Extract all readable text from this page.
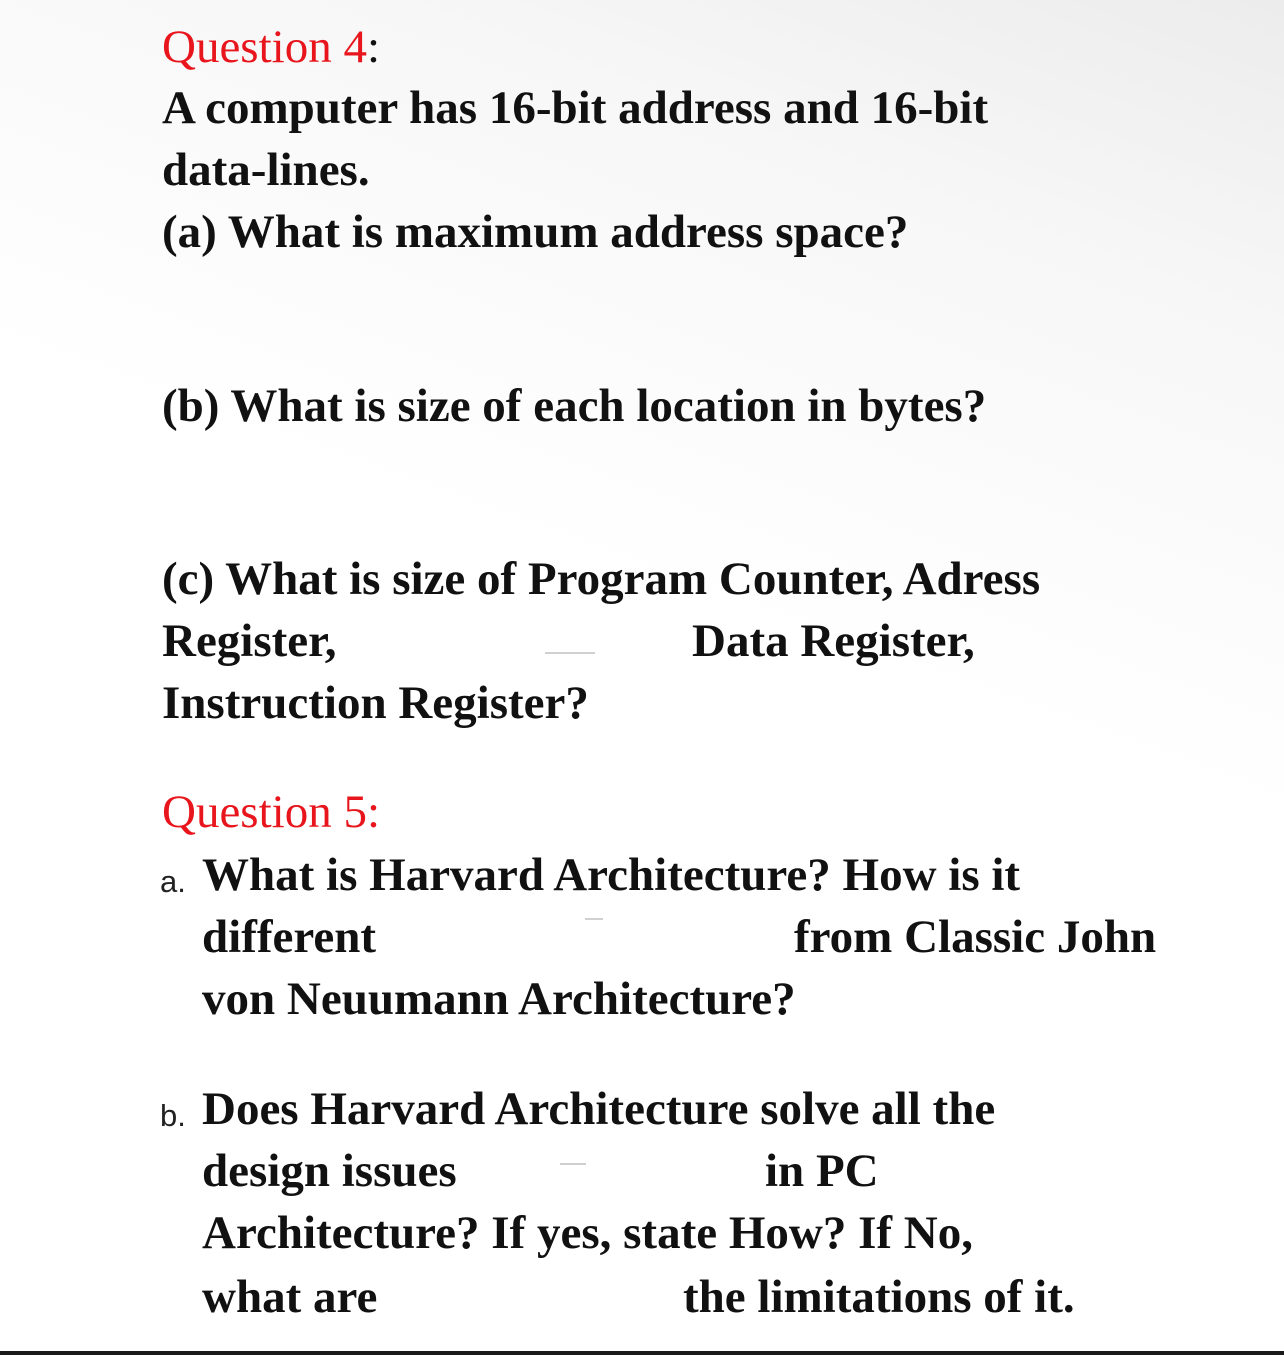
Question 4:
A computer has 16-bit address and 16-bit
data-lines.
(a) What is maximum address space?
(b) What is size of each location in bytes?
(c) What is size of Program Counter, Adress
Register,	Data Register,
Instruction Register?
Question 5:
a. What is Harvard Architecture? How is it
different	from Classic John
von Neuumann Architecture?
b. Does Harvard Architecture solve all the
design issues	in PC
Architecture? If yes, state How? If No,
what are	the limitations of it.
